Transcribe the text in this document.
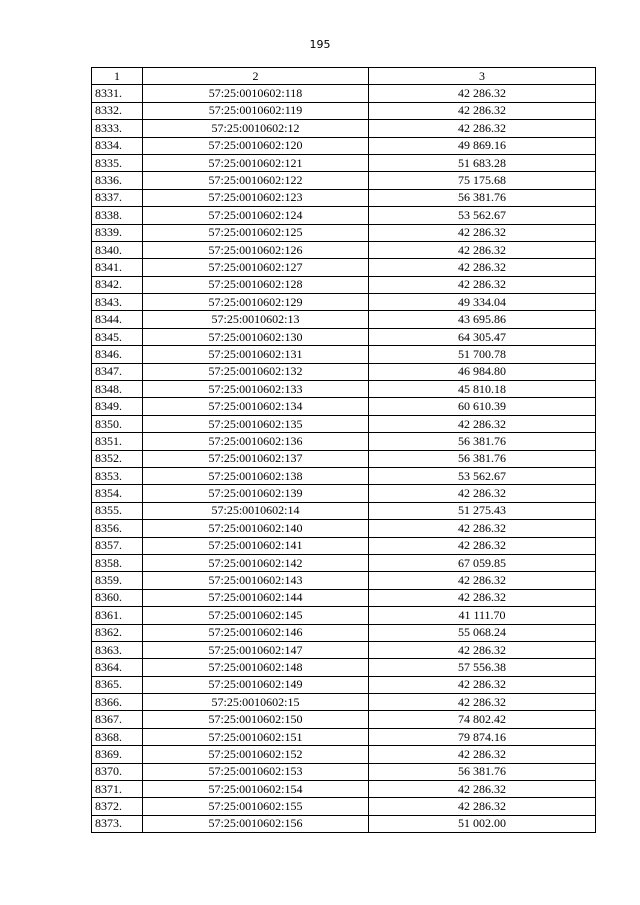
195
1	2	3
8331.	57:25:0010602:118	42 286.32
8332.	57:25:0010602:119	42 286.32
8333.	57:25:0010602:12	42 286.32
8334.	57:25:0010602:120	49 869.16
8335.	57:25:0010602:121	51 683.28
8336.	57:25:0010602:122	75 175.68
8337.	57:25:0010602:123	56 381.76
8338.	57:25:0010602:124	53 562.67
8339.	57:25:0010602:125	42 286.32
8340.	57:25:0010602:126	42 286.32
8341.	57:25:0010602:127	42 286.32
8342.	57:25:0010602:128	42 286.32
8343.	57:25:0010602:129	49 334.04
8344.	57:25:0010602:13	43 695.86
8345.	57:25:0010602:130	64 305.47
8346.	57:25:0010602:131	51 700.78
8347.	57:25:0010602:132	46 984.80
8348.	57:25:0010602:133	45 810.18
8349.	57:25:0010602:134	60 610.39
8350.	57:25:0010602:135	42 286.32
8351.	57:25:0010602:136	56 381.76
8352.	57:25:0010602:137	56 381.76
8353.	57:25:0010602:138	53 562.67
8354.	57:25:0010602:139	42 286.32
8355.	57:25:0010602:14	51 275.43
8356.	57:25:0010602:140	42 286.32
8357.	57:25:0010602:141	42 286.32
8358.	57:25:0010602:142	67 059.85
8359.	57:25:0010602:143	42 286.32
8360.	57:25:0010602:144	42 286.32
8361.	57:25:0010602:145	41 111.70
8362.	57:25:0010602:146	55 068.24
8363.	57:25:0010602:147	42 286.32
8364.	57:25:0010602:148	57 556.38
8365.	57:25:0010602:149	42 286.32
8366.	57:25:0010602:15	42 286.32
8367.	57:25:0010602:150	74 802.42
8368.	57:25:0010602:151	79 874.16
8369.	57:25:0010602:152	42 286.32
8370.	57:25:0010602:153	56 381.76
8371.	57:25:0010602:154	42 286.32
8372.	57:25:0010602:155	42 286.32
8373.	57:25:0010602:156	51 002.00
